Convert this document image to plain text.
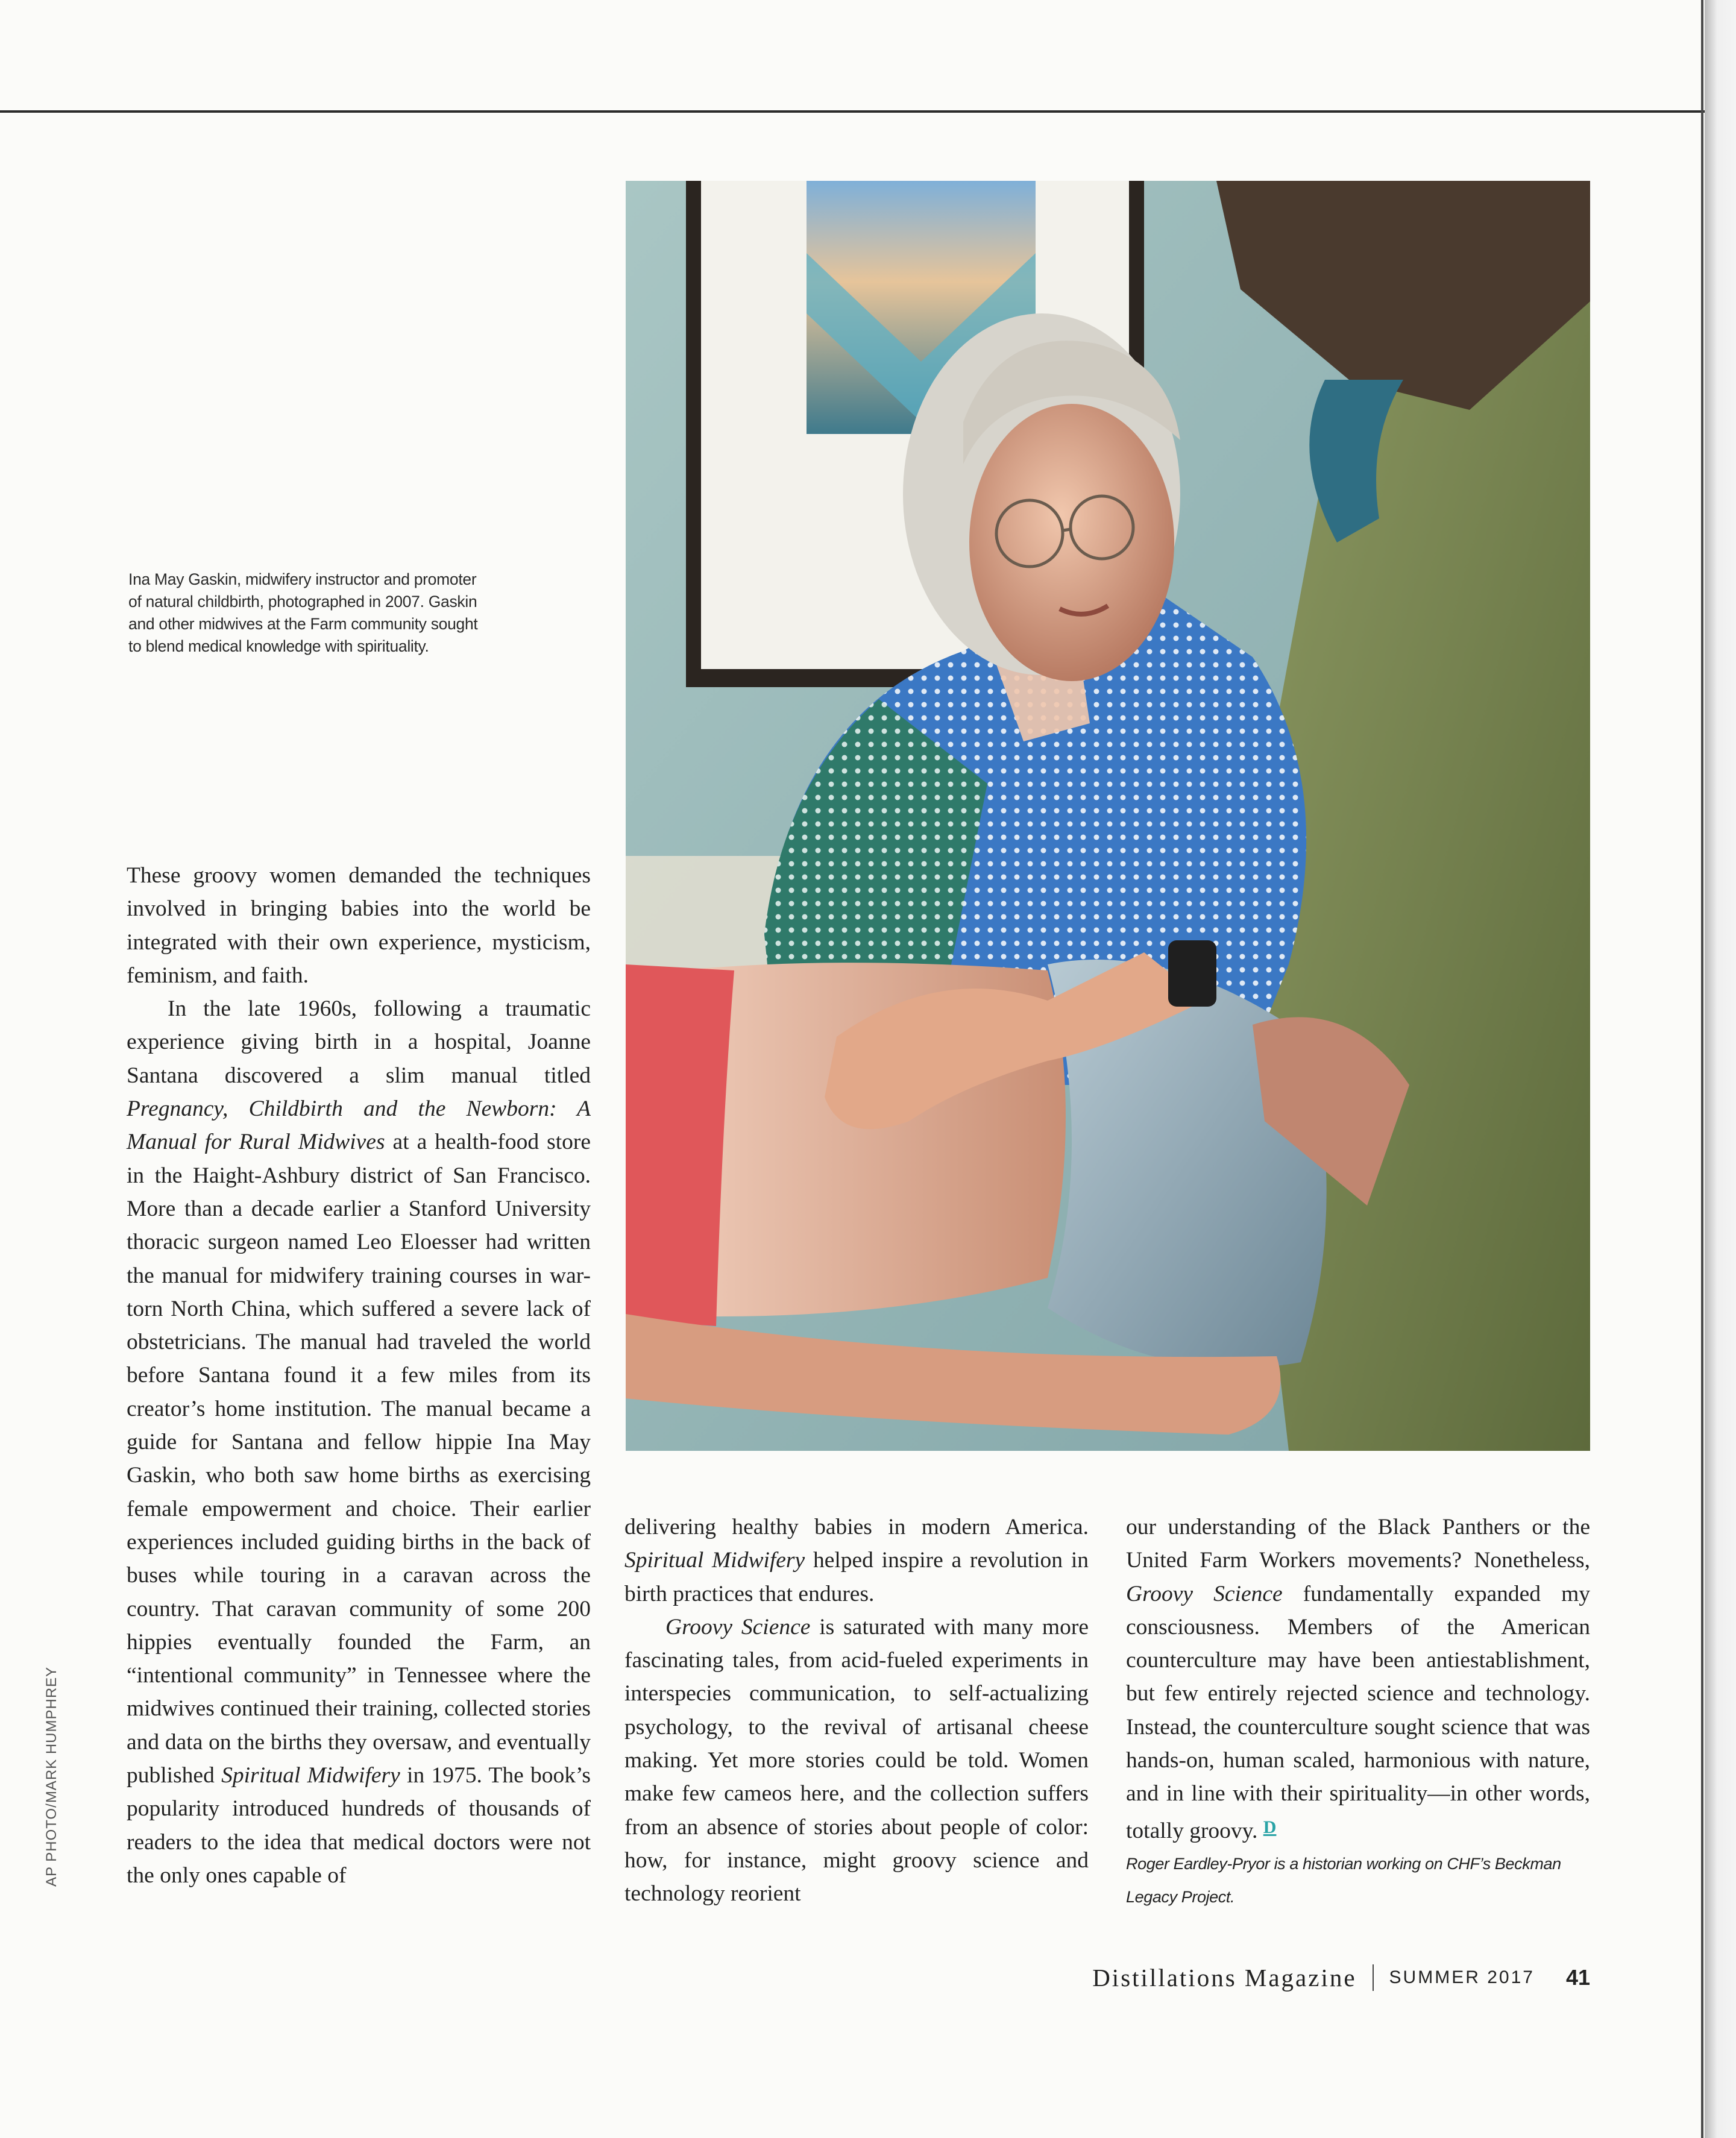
Ina May Gaskin, midwifery instructor and promoter of natural childbirth, photographed in 2007. Gaskin and other midwives at the Farm community sought to blend medical knowledge with spirituality.

These groovy women demanded the techniques involved in bringing babies into the world be integrated with their own experience, mysticism, feminism, and faith.

In the late 1960s, following a traumatic experience giving birth in a hospital, Joanne Santana discovered a slim manual titled Pregnancy, Childbirth and the Newborn: A Manual for Rural Midwives at a health-food store in the Haight-Ashbury district of San Francisco. More than a decade earlier a Stanford University thoracic surgeon named Leo Eloesser had written the manual for midwifery training courses in war-torn North China, which suffered a severe lack of obstetricians. The manual had traveled the world before Santana found it a few miles from its creator’s home institution. The manual became a guide for Santana and fellow hippie Ina May Gaskin, who both saw home births as exercising female empowerment and choice. Their earlier experiences included guiding births in the back of buses while touring in a caravan across the country. That caravan community of some 200 hippies eventually founded the Farm, an “intentional community” in Tennessee where the midwives continued their training, collected stories and data on the births they oversaw, and eventually published Spiritual Midwifery in 1975. The book’s popularity introduced hundreds of thousands of readers to the idea that medical doctors were not the only ones capable of

delivering healthy babies in modern America. Spiritual Midwifery helped inspire a revolution in birth practices that endures.

Groovy Science is saturated with many more fascinating tales, from acid-fueled experiments in interspecies communication, to self-actualizing psychology, to the revival of artisanal cheese making. Yet more stories could be told. Women make few cameos here, and the collection suffers from an absence of stories about people of color: how, for instance, might groovy science and technology reorient

our understanding of the Black Panthers or the United Farm Workers movements? Nonetheless, Groovy Science fundamentally expanded my consciousness. Members of the American counterculture may have been antiestablishment, but few entirely rejected science and technology. Instead, the counterculture sought science that was hands-on, human scaled, harmonious with nature, and in line with their spirituality—in other words, totally groovy. $^D$

Roger Eardley-Pryor is a historian working on CHF’s Beckman Legacy Project.

AP PHOTO/MARK HUMPHREY

Distillations Magazine SUMMER 2017 41
